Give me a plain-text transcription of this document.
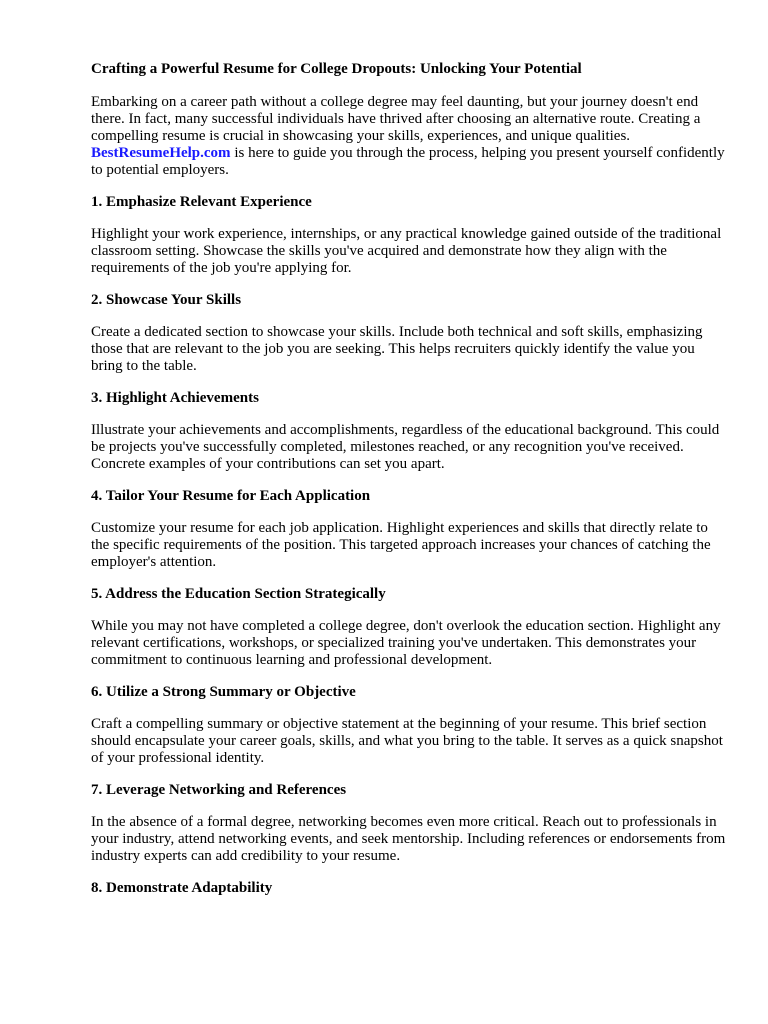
Crafting a Powerful Resume for College Dropouts: Unlocking Your Potential

Embarking on a career path without a college degree may feel daunting, but your journey doesn't end there. In fact, many successful individuals have thrived after choosing an alternative route. Creating a compelling resume is crucial in showcasing your skills, experiences, and unique qualities.
BestResumeHelp.com is here to guide you through the process, helping you present yourself confidently to potential employers.

1. Emphasize Relevant Experience

Highlight your work experience, internships, or any practical knowledge gained outside of the traditional classroom setting. Showcase the skills you've acquired and demonstrate how they align with the requirements of the job you're applying for.

2. Showcase Your Skills

Create a dedicated section to showcase your skills. Include both technical and soft skills, emphasizing those that are relevant to the job you are seeking. This helps recruiters quickly identify the value you bring to the table.

3. Highlight Achievements

Illustrate your achievements and accomplishments, regardless of the educational background. This could be projects you've successfully completed, milestones reached, or any recognition you've received. Concrete examples of your contributions can set you apart.

4. Tailor Your Resume for Each Application

Customize your resume for each job application. Highlight experiences and skills that directly relate to the specific requirements of the position. This targeted approach increases your chances of catching the employer's attention.

5. Address the Education Section Strategically

While you may not have completed a college degree, don't overlook the education section. Highlight any relevant certifications, workshops, or specialized training you've undertaken. This demonstrates your commitment to continuous learning and professional development.

6. Utilize a Strong Summary or Objective

Craft a compelling summary or objective statement at the beginning of your resume. This brief section should encapsulate your career goals, skills, and what you bring to the table. It serves as a quick snapshot of your professional identity.

7. Leverage Networking and References

In the absence of a formal degree, networking becomes even more critical. Reach out to professionals in your industry, attend networking events, and seek mentorship. Including references or endorsements from industry experts can add credibility to your resume.

8. Demonstrate Adaptability
